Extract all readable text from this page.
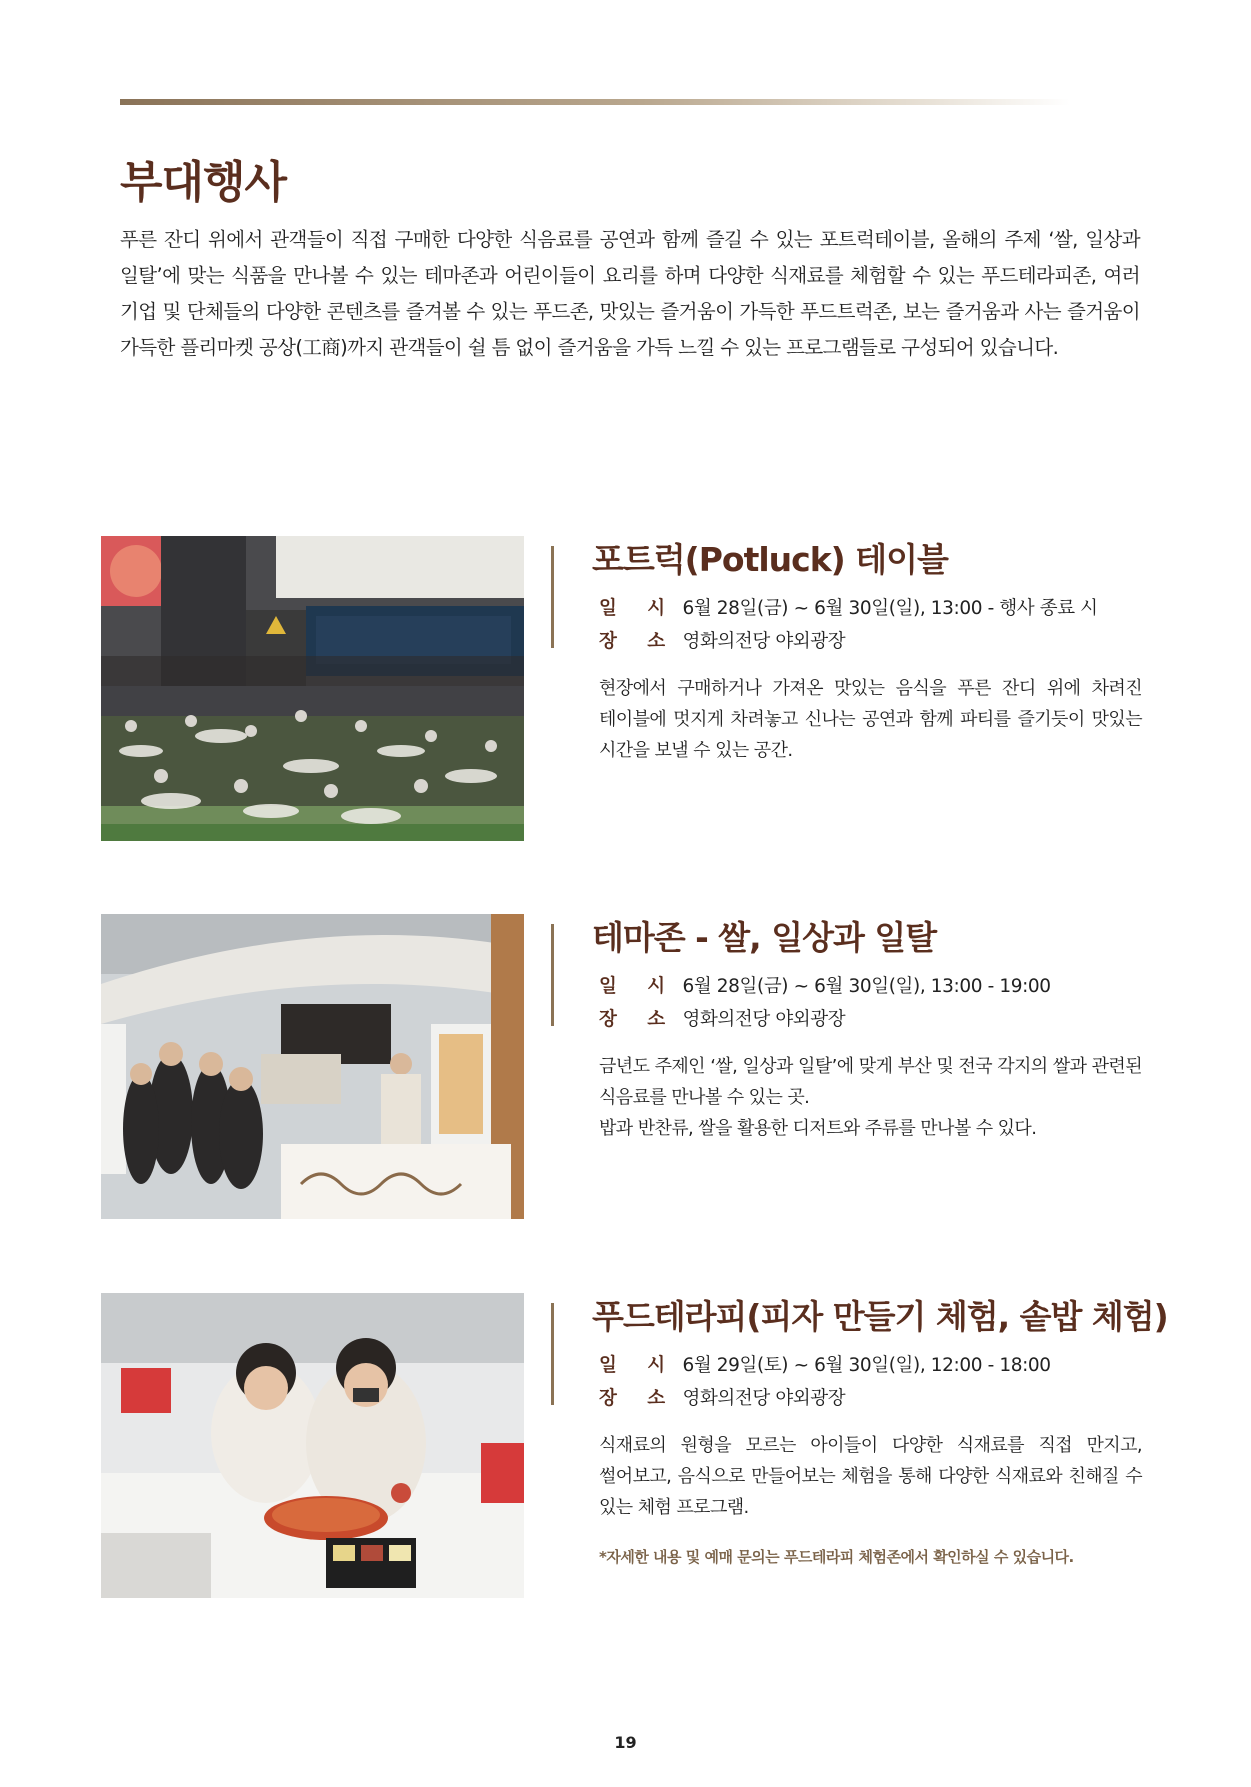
부대행사

푸른 잔디 위에서 관객들이 직접 구매한 다양한 식음료를 공연과 함께 즐길 수 있는 포트럭테이블, 올해의 주제 ‘쌀, 일상과 일탈’에 맞는 식품을 만나볼 수 있는 테마존과 어린이들이 요리를 하며 다양한 식재료를 체험할 수 있는 푸드테라피존, 여러 기업 및 단체들의 다양한 콘텐츠를 즐겨볼 수 있는 푸드존, 맛있는 즐거움이 가득한 푸드트럭존, 보는 즐거움과 사는 즐거움이 가득한 플리마켓 공상(工商)까지 관객들이 쉴 틈 없이 즐거움을 가득 느낄 수 있는 프로그램들로 구성되어 있습니다.

포트럭(Potluck) 테이블
일 시 6월 28일(금) ~ 6월 30일(일), 13:00 - 행사 종료 시
장 소 영화의전당 야외광장

현장에서 구매하거나 가져온 맛있는 음식을 푸른 잔디 위에 차려진 테이블에 멋지게 차려놓고 신나는 공연과 함께 파티를 즐기듯이 맛있는 시간을 보낼 수 있는 공간.

테마존 - 쌀, 일상과 일탈
일 시 6월 28일(금) ~ 6월 30일(일), 13:00 - 19:00
장 소 영화의전당 야외광장

금년도 주제인 ‘쌀, 일상과 일탈’에 맞게 부산 및 전국 각지의 쌀과 관련된 식음료를 만나볼 수 있는 곳.
밥과 반찬류, 쌀을 활용한 디저트와 주류를 만나볼 수 있다.

푸드테라피(피자 만들기 체험, 솥밥 체험)
일 시 6월 29일(토) ~ 6월 30일(일), 12:00 - 18:00
장 소 영화의전당 야외광장

식재료의 원형을 모르는 아이들이 다양한 식재료를 직접 만지고, 썰어보고, 음식으로 만들어보는 체험을 통해 다양한 식재료와 친해질 수 있는 체험 프로그램.

*자세한 내용 및 예매 문의는 푸드테라피 체험존에서 확인하실 수 있습니다.

19
